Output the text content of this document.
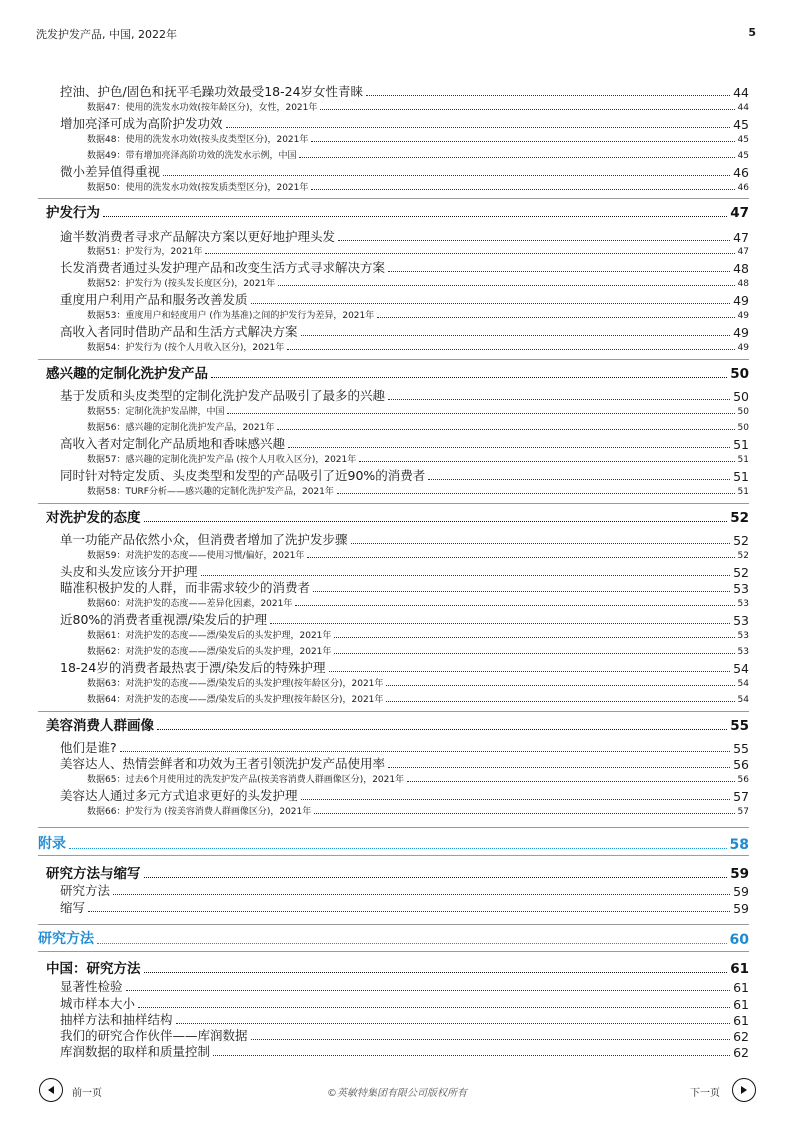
洗发护发产品, 中国, 2022年	5
控油、护色/固色和抚平毛躁功效最受18-24岁女性青睐	44
数据47：使用的洗发水功效(按年龄区分)，女性，2021年	44
增加亮泽可成为高阶护发功效	45
数据48：使用的洗发水功效(按头皮类型区分)，2021年	45
数据49：带有增加亮泽高阶功效的洗发水示例，中国	45
微小差异值得重视	46
数据50：使用的洗发水功效(按发质类型区分)，2021年	46
护发行为	47
逾半数消费者寻求产品解决方案以更好地护理头发	47
数据51：护发行为，2021年	47
长发消费者通过头发护理产品和改变生活方式寻求解决方案	48
数据52：护发行为 (按头发长度区分)，2021年	48
重度用户利用产品和服务改善发质	49
数据53：重度用户和轻度用户 (作为基准)之间的护发行为差异，2021年	49
高收入者同时借助产品和生活方式解决方案	49
数据54：护发行为 (按个人月收入区分)，2021年	49
感兴趣的定制化洗护发产品	50
基于发质和头皮类型的定制化洗护发产品吸引了最多的兴趣	50
数据55：定制化洗护发品牌，中国	50
数据56：感兴趣的定制化洗护发产品，2021年	50
高收入者对定制化产品质地和香味感兴趣	51
数据57：感兴趣的定制化洗护发产品 (按个人月收入区分)，2021年	51
同时针对特定发质、头皮类型和发型的产品吸引了近90%的消费者	51
数据58：TURF分析——感兴趣的定制化洗护发产品，2021年	51
对洗护发的态度	52
单一功能产品依然小众，但消费者增加了洗护发步骤	52
数据59：对洗护发的态度——使用习惯/偏好，2021年	52
头皮和头发应该分开护理	52
瞄准积极护发的人群，而非需求较少的消费者	53
数据60：对洗护发的态度——差异化因素，2021年	53
近80%的消费者重视漂/染发后的护理	53
数据61：对洗护发的态度——漂/染发后的头发护理，2021年	53
数据62：对洗护发的态度——漂/染发后的头发护理，2021年	53
18-24岁的消费者最热衷于漂/染发后的特殊护理	54
数据63：对洗护发的态度——漂/染发后的头发护理(按年龄区分)，2021年	54
数据64：对洗护发的态度——漂/染发后的头发护理(按年龄区分)，2021年	54
美容消费人群画像	55
他们是谁?	55
美容达人、热情尝鲜者和功效为王者引领洗护发产品使用率	56
数据65：过去6个月使用过的洗发护发产品(按美容消费人群画像区分)，2021年	56
美容达人通过多元方式追求更好的头发护理	57
数据66：护发行为 (按美容消费人群画像区分)，2021年	57
附录	58
研究方法与缩写	59
研究方法	59
缩写	59
研究方法	60
中国：研究方法	61
显著性检验	61
城市样本大小	61
抽样方法和抽样结构	61
我们的研究合作伙伴——库润数据	62
库润数据的取样和质量控制	62
前一页	©英敏特集团有限公司版权所有	下一页
